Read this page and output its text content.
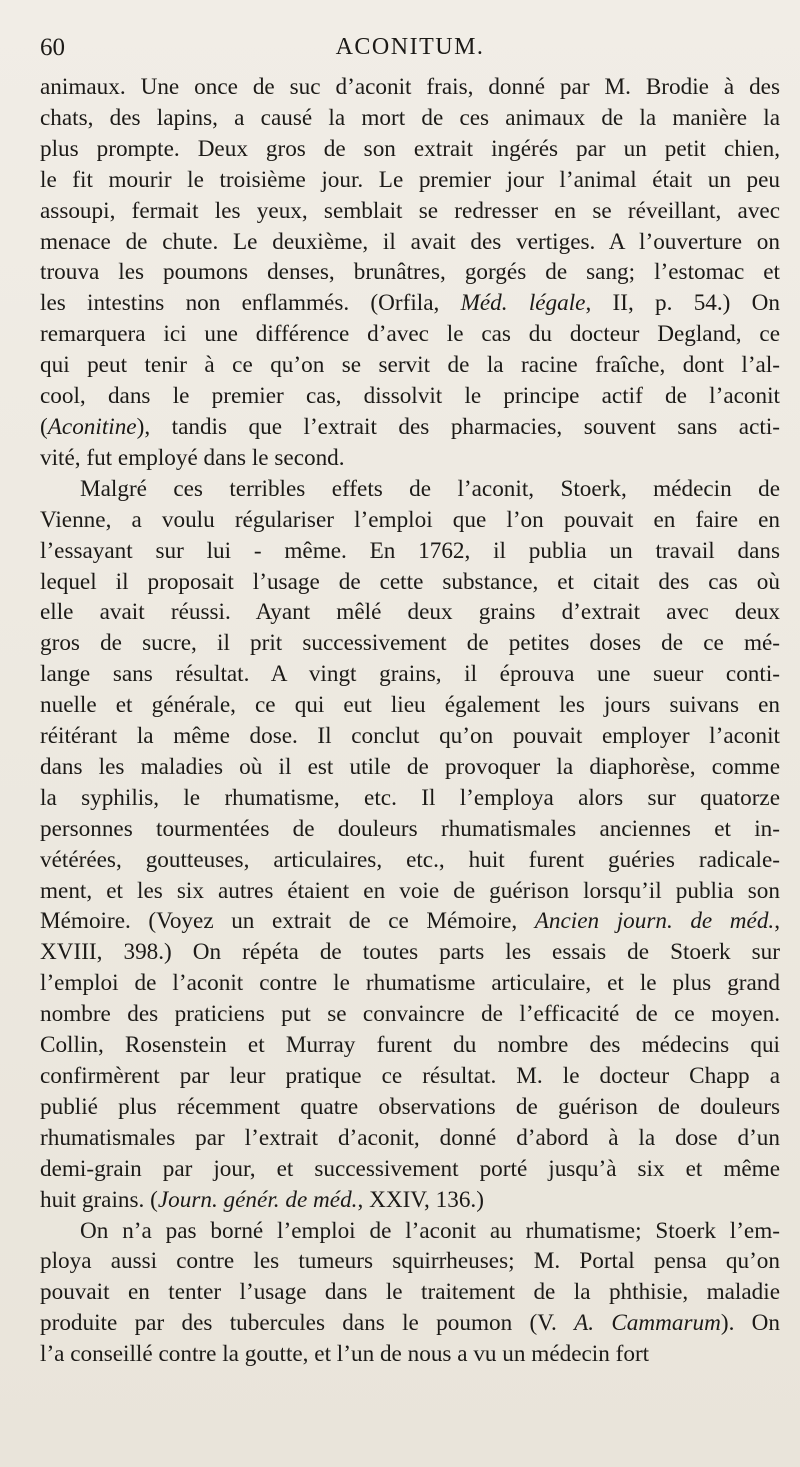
60	ACONITUM.
animaux. Une once de suc d’aconit frais, donné par M. Brodie à des
chats, des lapins, a causé la mort de ces animaux de la manière la
plus prompte. Deux gros de son extrait ingérés par un petit chien,
le fit mourir le troisième jour. Le premier jour l’animal était un peu
assoupi, fermait les yeux, semblait se redresser en se réveillant, avec
menace de chute. Le deuxième, il avait des vertiges. A l’ouverture on
trouva les poumons denses, brunâtres, gorgés de sang; l’estomac et
les intestins non enflammés. (Orfila, Méd. légale, II, p. 54.) On
remarquera ici une différence d’avec le cas du docteur Degland, ce
qui peut tenir à ce qu’on se servit de la racine fraîche, dont l’al-
cool, dans le premier cas, dissolvit le principe actif de l’aconit
(Aconitine), tandis que l’extrait des pharmacies, souvent sans acti-
vité, fut employé dans le second.
Malgré ces terribles effets de l’aconit, Stoerk, médecin de
Vienne, a voulu régulariser l’emploi que l’on pouvait en faire en
l’essayant sur lui - même. En 1762, il publia un travail dans
lequel il proposait l’usage de cette substance, et citait des cas où
elle avait réussi. Ayant mêlé deux grains d’extrait avec deux
gros de sucre, il prit successivement de petites doses de ce mé-
lange sans résultat. A vingt grains, il éprouva une sueur conti-
nuelle et générale, ce qui eut lieu également les jours suivans en
réitérant la même dose. Il conclut qu’on pouvait employer l’aconit
dans les maladies où il est utile de provoquer la diaphorèse, comme
la syphilis, le rhumatisme, etc. Il l’employa alors sur quatorze
personnes tourmentées de douleurs rhumatismales anciennes et in-
vétérées, goutteuses, articulaires, etc., huit furent guéries radicale-
ment, et les six autres étaient en voie de guérison lorsqu’il publia son
Mémoire. (Voyez un extrait de ce Mémoire, Ancien journ. de méd.,
XVIII, 398.) On répéta de toutes parts les essais de Stoerk sur
l’emploi de l’aconit contre le rhumatisme articulaire, et le plus grand
nombre des praticiens put se convaincre de l’efficacité de ce moyen.
Collin, Rosenstein et Murray furent du nombre des médecins qui
confirmèrent par leur pratique ce résultat. M. le docteur Chapp a
publié plus récemment quatre observations de guérison de douleurs
rhumatismales par l’extrait d’aconit, donné d’abord à la dose d’un
demi-grain par jour, et successivement porté jusqu’à six et même
huit grains. (Journ. génér. de méd., XXIV, 136.)
On n’a pas borné l’emploi de l’aconit au rhumatisme; Stoerk l’em-
ploya aussi contre les tumeurs squirrheuses; M. Portal pensa qu’on
pouvait en tenter l’usage dans le traitement de la phthisie, maladie
produite par des tubercules dans le poumon (V. A. Cammarum). On
l’a conseillé contre la goutte, et l’un de nous a vu un médecin fort
